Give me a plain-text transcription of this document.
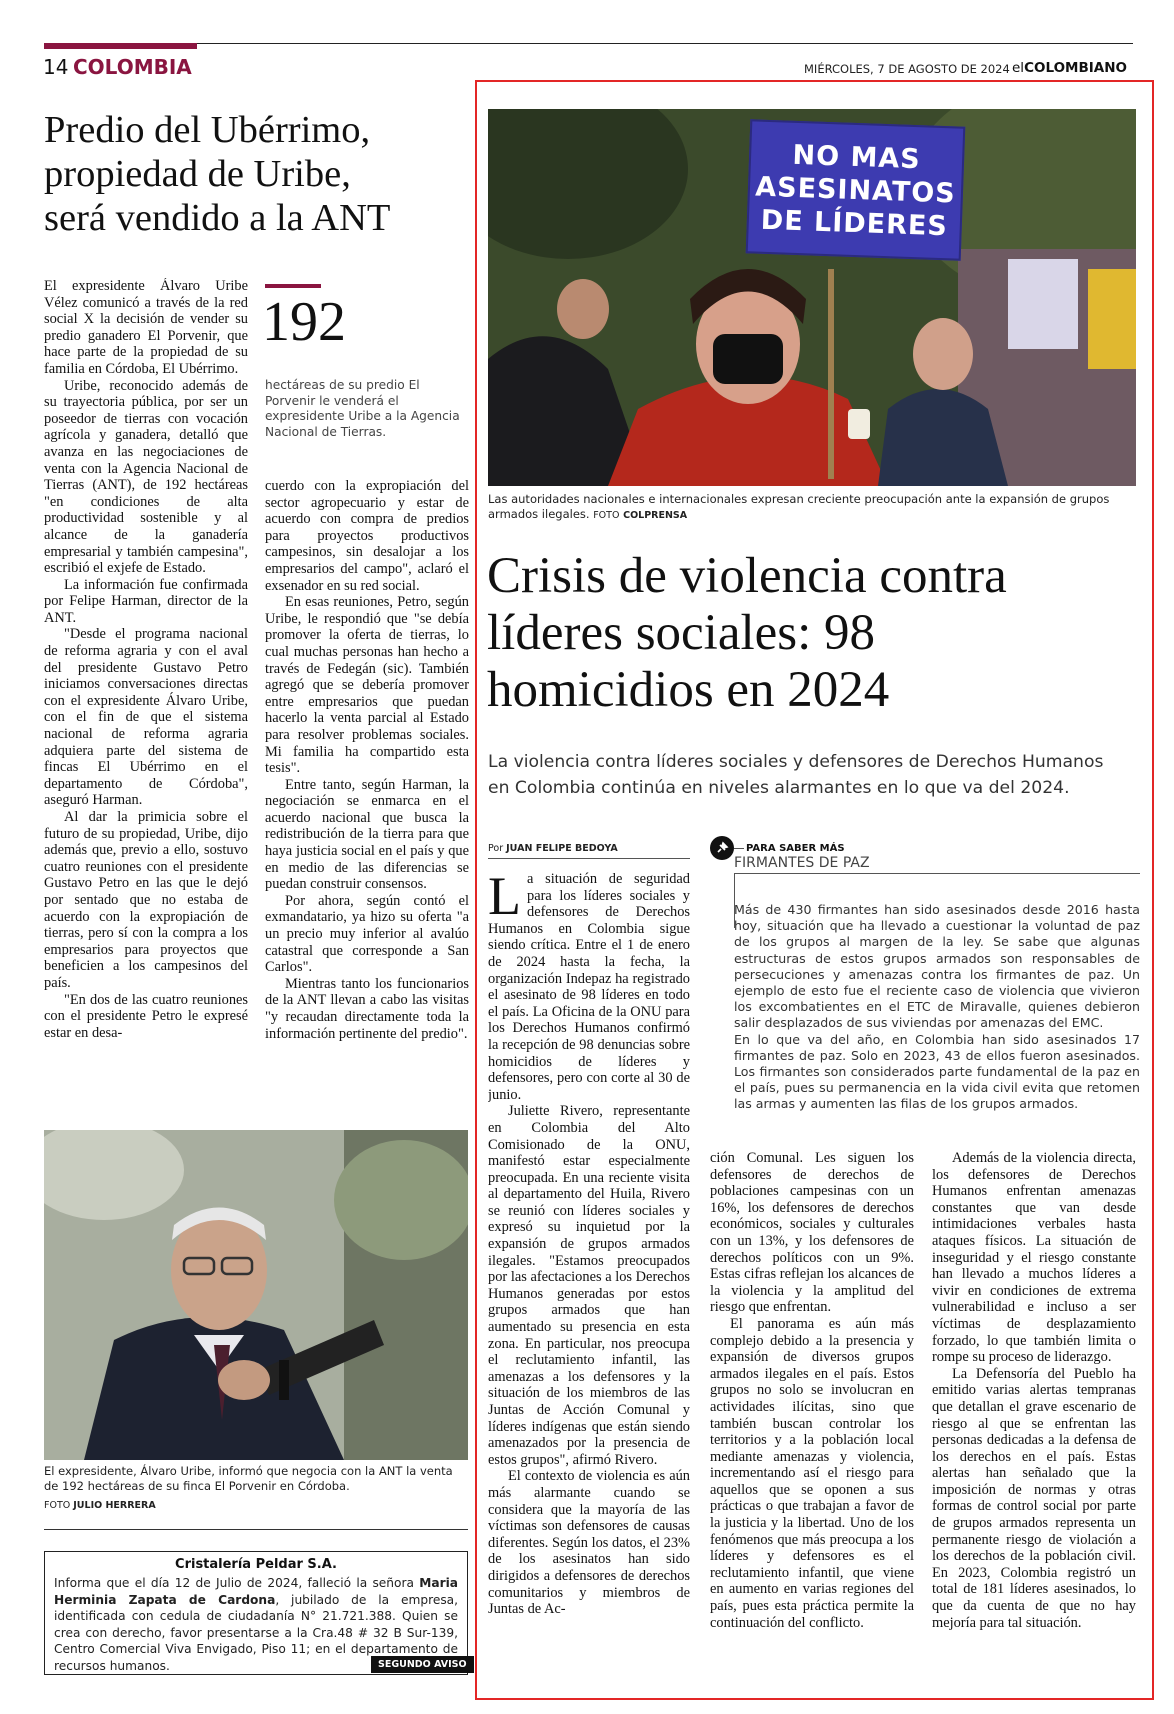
14 COLOMBIA	MIÉRCOLES, 7 DE AGOSTO DE 2024 elCOLOMBIANO
Predio del Ubérrimo,
propiedad de Uribe,
será vendido a la ANT
192
hectáreas de su predio El Porvenir le venderá el expresidente Uribe a la Agencia Nacional de Tierras.

El expresidente Álvaro Uribe Vélez comunicó a través de la red social X la decisión de vender su predio ganadero El Porvenir, que hace parte de la propiedad de su familia en Córdoba, El Ubérrimo.

Uribe, reconocido además de su trayectoria pública, por ser un poseedor de tierras con vocación agrícola y ganadera, detalló que avanza en las negociaciones de venta con la Agencia Nacional de Tierras (ANT), de 192 hectáreas "en condiciones de alta productividad sostenible y al alcance de la ganadería empresarial y también campesina", escribió el exjefe de Estado.

La información fue confirmada por Felipe Harman, director de la ANT.

"Desde el programa nacional de reforma agraria y con el aval del presidente Gustavo Petro iniciamos conversaciones directas con el expresidente Álvaro Uribe, con el fin de que el sistema nacional de reforma agraria adquiera parte del sistema de fincas El Ubérrimo en el departamento de Córdoba", aseguró Harman.

Al dar la primicia sobre el futuro de su propiedad, Uribe, dijo además que, previo a ello, sostuvo cuatro reuniones con el presidente Gustavo Petro en las que le dejó por sentado que no estaba de acuerdo con la expropiación de tierras, pero sí con la compra a los empresarios para proyectos que beneficien a los campesinos del país.

"En dos de las cuatro reuniones con el presidente Petro le expresé estar en desa-

cuerdo con la expropiación del sector agropecuario y estar de acuerdo con compra de predios para proyectos productivos campesinos, sin desalojar a los empresarios del campo", aclaró el exsenador en su red social.

En esas reuniones, Petro, según Uribe, le respondió que "se debía promover la oferta de tierras, lo cual muchas personas han hecho a través de Fedegán (sic). También agregó que se debería promover entre empresarios que puedan hacerlo la venta parcial al Estado para resolver problemas sociales. Mi familia ha compartido esta tesis".

Entre tanto, según Harman, la negociación se enmarca en el acuerdo nacional que busca la redistribución de la tierra para que haya justicia social en el país y que en medio de las diferencias se puedan construir consensos.

Por ahora, según contó el exmandatario, ya hizo su oferta "a un precio muy inferior al avalúo catastral que corresponde a San Carlos".

Mientras tanto los funcionarios de la ANT llevan a cabo las visitas "y recaudan directamente toda la información pertinente del predio".

El expresidente, Álvaro Uribe, informó que negocia con la ANT la venta de 192 hectáreas de su finca El Porvenir en Córdoba.
FOTO JULIO HERRERA
Cristalería Peldar S.A.

Informa que el día 12 de Julio de 2024, falleció la señora Maria Herminia Zapata de Cardona, jubilado de la empresa, identificada con cedula de ciudadanía N° 21.721.388. Quien se crea con derecho, favor presentarse a la Cra.48 # 32 B Sur-139, Centro Comercial Viva Envigado, Piso 11; en el departamento de recursos humanos.	SEGUNDO AVISO
NO MAS
ASESINATOS
DE LÍDERES
Las autoridades nacionales e internacionales expresan creciente preocupación ante la expansión de grupos armados ilegales. FOTO COLPRENSA
Crisis de violencia contra
líderes sociales: 98
homicidios en 2024
La violencia contra líderes sociales y defensores de Derechos Humanos
en Colombia continúa en niveles alarmantes en lo que va del 2024.
Por JUAN FELIPE BEDOYA

La situación de seguridad para los líderes sociales y defensores de Derechos Humanos en Colombia sigue siendo crítica. Entre el 1 de enero de 2024 hasta la fecha, la organización Indepaz ha registrado el asesinato de 98 líderes en todo el país. La Oficina de la ONU para los Derechos Humanos confirmó la recepción de 98 denuncias sobre homicidios de líderes y defensores, pero con corte al 30 de junio.

Juliette Rivero, representante en Colombia del Alto Comisionado de la ONU, manifestó estar especialmente preocupada. En una reciente visita al departamento del Huila, Rivero se reunió con líderes sociales y expresó su inquietud por la expansión de grupos armados ilegales. "Estamos preocupados por las afectaciones a los Derechos Humanos generadas por estos grupos armados que han aumentado su presencia en esta zona. En particular, nos preocupa el reclutamiento infantil, las amenazas a los defensores y la situación de los miembros de las Juntas de Acción Comunal y líderes indígenas que están siendo amenazados por la presencia de estos grupos", afirmó Rivero.

El contexto de violencia es aún más alarmante cuando se considera que la mayoría de las víctimas son defensores de causas diferentes. Según los datos, el 23% de los asesinatos han sido dirigidos a defensores de derechos comunitarios y miembros de Juntas de Ac-

PARA SABER MÁS
FIRMANTES DE PAZ

Más de 430 firmantes han sido asesinados desde 2016 hasta hoy, situación que ha llevado a cuestionar la voluntad de paz de los grupos al margen de la ley. Se sabe que algunas estructuras de estos grupos armados son responsables de persecuciones y amenazas contra los firmantes de paz. Un ejemplo de esto fue el reciente caso de violencia que vivieron los excombatientes en el ETC de Miravalle, quienes debieron salir desplazados de sus viviendas por amenazas del EMC.

En lo que va del año, en Colombia han sido asesinados 17 firmantes de paz. Solo en 2023, 43 de ellos fueron asesinados. Los firmantes son considerados parte fundamental de la paz en el país, pues su permanencia en la vida civil evita que retomen las armas y aumenten las filas de los grupos armados.

ción Comunal. Les siguen los defensores de derechos de poblaciones campesinas con un 16%, los defensores de derechos económicos, sociales y culturales con un 13%, y los defensores de derechos políticos con un 9%. Estas cifras reflejan los alcances de la violencia y la amplitud del riesgo que enfrentan.

El panorama es aún más complejo debido a la presencia y expansión de diversos grupos armados ilegales en el país. Estos grupos no solo se involucran en actividades ilícitas, sino que también buscan controlar los territorios y a la población local mediante amenazas y violencia, incrementando así el riesgo para aquellos que se oponen a sus prácticas o que trabajan a favor de la justicia y la libertad. Uno de los fenómenos que más preocupa a los líderes y defensores es el reclutamiento infantil, que viene en aumento en varias regiones del país, pues esta práctica permite la continuación del conflicto.

Además de la violencia directa, los defensores de Derechos Humanos enfrentan amenazas constantes que van desde intimidaciones verbales hasta ataques físicos. La situación de inseguridad y el riesgo constante han llevado a muchos líderes a vivir en condiciones de extrema vulnerabilidad e incluso a ser víctimas de desplazamiento forzado, lo que también limita o rompe su proceso de liderazgo.

La Defensoría del Pueblo ha emitido varias alertas tempranas que detallan el grave escenario de riesgo al que se enfrentan las personas dedicadas a la defensa de los derechos en el país. Estas alertas han señalado que la imposición de normas y otras formas de control social por parte de grupos armados representa un permanente riesgo de violación a los derechos de la población civil. En 2023, Colombia registró un total de 181 líderes asesinados, lo que da cuenta de que no hay mejoría para tal situación.
